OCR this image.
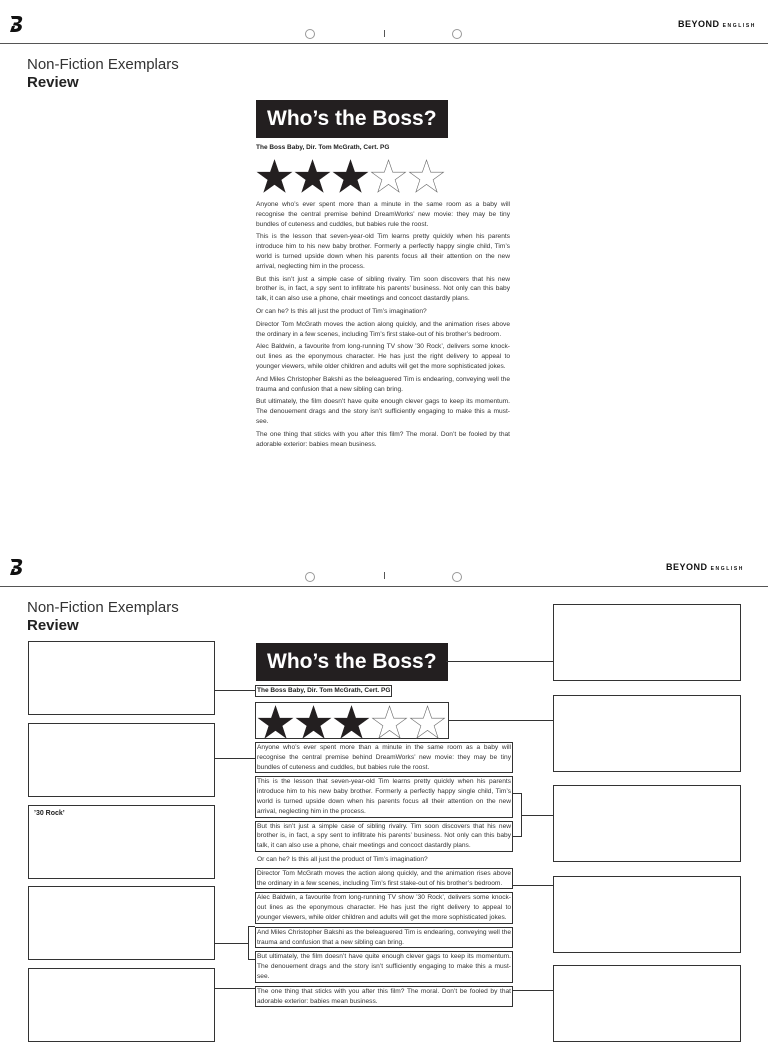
BEYOND ENGLISH
Non-Fiction Exemplars
Review
Who’s the Boss?
The Boss Baby, Dir. Tom McGrath, Cert. PG
Anyone who’s ever spent more than a minute in the same room as a baby will recognise the central premise behind DreamWorks’ new movie: they may be tiny bundles of cuteness and cuddles, but babies rule the roost.
This is the lesson that seven-year-old Tim learns pretty quickly when his parents introduce him to his new baby brother. Formerly a perfectly happy single child, Tim’s world is turned upside down when his parents focus all their attention on the new arrival, neglecting him in the process.
But this isn’t just a simple case of sibling rivalry. Tim soon discovers that his new brother is, in fact, a spy sent to infiltrate his parents’ business. Not only can this baby talk, it can also use a phone, chair meetings and concoct dastardly plans.
Or can he? Is this all just the product of Tim’s imagination?
Director Tom McGrath moves the action along quickly, and the animation rises above the ordinary in a few scenes, including Tim’s first stake-out of his brother’s bedroom.
Alec Baldwin, a favourite from long-running TV show ’30 Rock’, delivers some knock-out lines as the eponymous character. He has just the right delivery to appeal to younger viewers, while older children and adults will get the more sophisticated jokes.
And Miles Christopher Bakshi as the beleaguered Tim is endearing, conveying well the trauma and confusion that a new sibling can bring.
But ultimately, the film doesn’t have quite enough clever gags to keep its momentum. The denouement drags and the story isn’t sufficiently engaging to make this a must-see.
The one thing that sticks with you after this film? The moral. Don’t be fooled by that adorable exterior: babies mean business.
BEYOND ENGLISH
Non-Fiction Exemplars
Review
Who’s the Boss?
The Boss Baby, Dir. Tom McGrath, Cert. PG
Anyone who’s ever spent more than a minute in the same room as a baby will recognise the central premise behind DreamWorks’ new movie: they may be tiny bundles of cuteness and cuddles, but babies rule the roost.
This is the lesson that seven-year-old Tim learns pretty quickly when his parents introduce him to his new baby brother. Formerly a perfectly happy single child, Tim’s world is turned upside down when his parents focus all their attention on the new arrival, neglecting him in the process.
But this isn’t just a simple case of sibling rivalry. Tim soon discovers that his new brother is, in fact, a spy sent to infiltrate his parents’ business. Not only can this baby talk, it can also use a phone, chair meetings and concoct dastardly plans.
Or can he? Is this all just the product of Tim’s imagination?
Director Tom McGrath moves the action along quickly, and the animation rises above the ordinary in a few scenes, including Tim’s first stake-out of his brother’s bedroom.
Alec Baldwin, a favourite from long-running TV show ’30 Rock’, delivers some knock-out lines as the eponymous character. He has just the right delivery to appeal to younger viewers, while older children and adults will get the more sophisticated jokes.
And Miles Christopher Bakshi as the beleaguered Tim is endearing, conveying well the trauma and confusion that a new sibling can bring.
But ultimately, the film doesn’t have quite enough clever gags to keep its momentum. The denouement drags and the story isn’t sufficiently engaging to make this a must-see.
The one thing that sticks with you after this film? The moral. Don’t be fooled by that adorable exterior: babies mean business.
’30 Rock’
